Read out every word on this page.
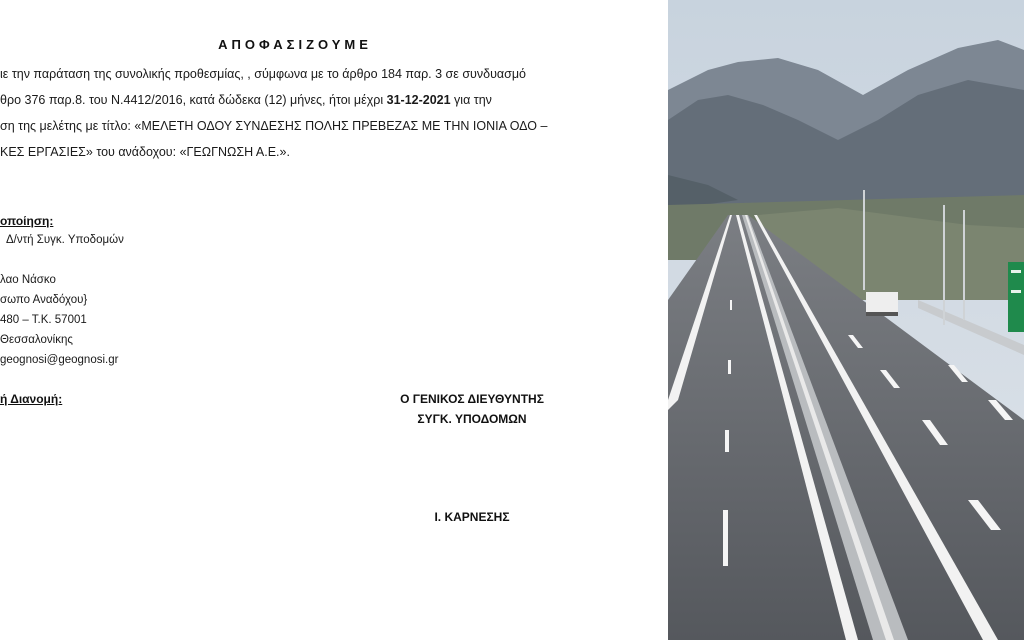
ΑΠΟΦΑΣΙΖΟΥΜΕ
ιε την παράταση της συνολικής προθεσμίας, , σύμφωνα με το άρθρο 184 παρ. 3 σε συνδυασμό
θρο 376 παρ.8. του Ν.4412/2016, κατά δώδεκα (12) μήνες, ήτοι μέχρι 31-12-2021 για την
ση της μελέτης με τίτλο: «ΜΕΛΕΤΗ ΟΔΟΥ ΣΥΝΔΕΣΗΣ ΠΟΛΗΣ ΠΡΕΒΕΖΑΣ ΜΕ ΤΗΝ ΙΟΝΙΑ ΟΔΟ –
ΚΕΣ ΕΡΓΑΣΙΕΣ» του ανάδοχου: «ΓΕΩΓΝΩΣΗ Α.Ε.».
οποίηση:
Δ/ντή Συγκ. Υποδομών
λαο Νάσκο
σωπο Αναδόχου}
480 – Τ.Κ. 57001
Θεσσαλονίκης
geognosi@geognosi.gr
ή Διανομή:	Ο ΓΕΝΙΚΟΣ ΔΙΕΥΘΥΝΤΗΣ
ΣΥΓΚ. ΥΠΟΔΟΜΩΝ
Ι. ΚΑΡΝΕΣΗΣ
